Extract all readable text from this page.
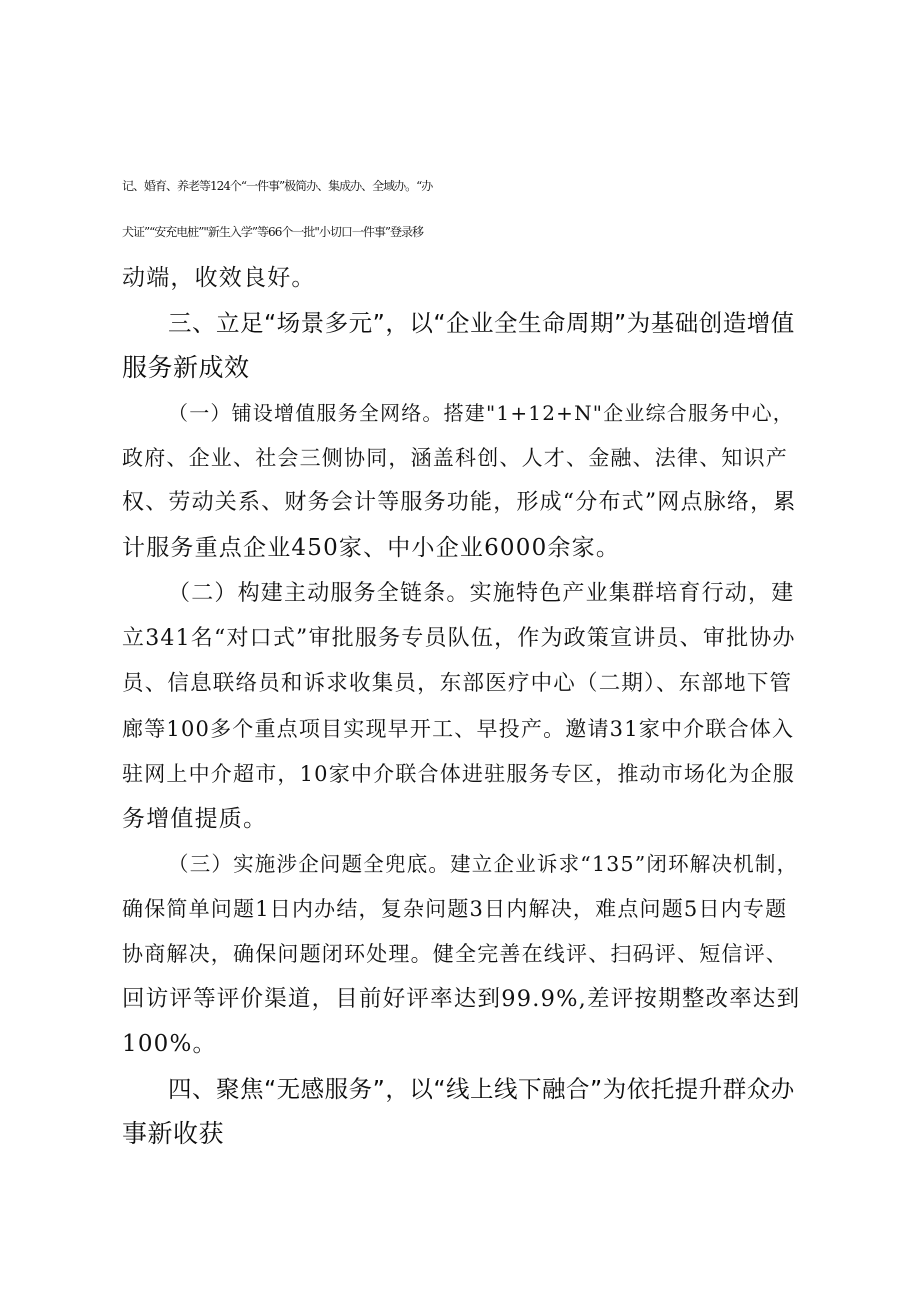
记、婚育、养老等124个“一件事”极简办、集成办、全域办。“办
犬证”“安充电桩”"新生入学”等66个一批"小切口一件事”登录移
动端，收效良好。
三、立足“场景多元”，以“企业全生命周期”为基础创造增值
服务新成效
（一）铺设增值服务全网络。搭建"1+12+N"企业综合服务中心，
政府、企业、社会三侧协同，涵盖科创、人才、金融、法律、知识产
权、劳动关系、财务会计等服务功能，形成“分布式”网点脉络，累
计服务重点企业450家、中小企业6000余家。
（二）构建主动服务全链条。实施特色产业集群培育行动，建
立341名“对口式”审批服务专员队伍，作为政策宣讲员、审批协办
员、信息联络员和诉求收集员，东部医疗中心（二期）、东部地下管
廊等100多个重点项目实现早开工、早投产。邀请31家中介联合体入
驻网上中介超市，10家中介联合体进驻服务专区，推动市场化为企服
务增值提质。
（三）实施涉企问题全兜底。建立企业诉求“135”闭环解决机制，
确保简单问题1日内办结，复杂问题3日内解决，难点问题5日内专题
协商解决，确保问题闭环处理。健全完善在线评、扫码评、短信评、
回访评等评价渠道，目前好评率达到99.9%,差评按期整改率达到
100%。
四、聚焦“无感服务”，以“线上线下融合”为依托提升群众办
事新收获
